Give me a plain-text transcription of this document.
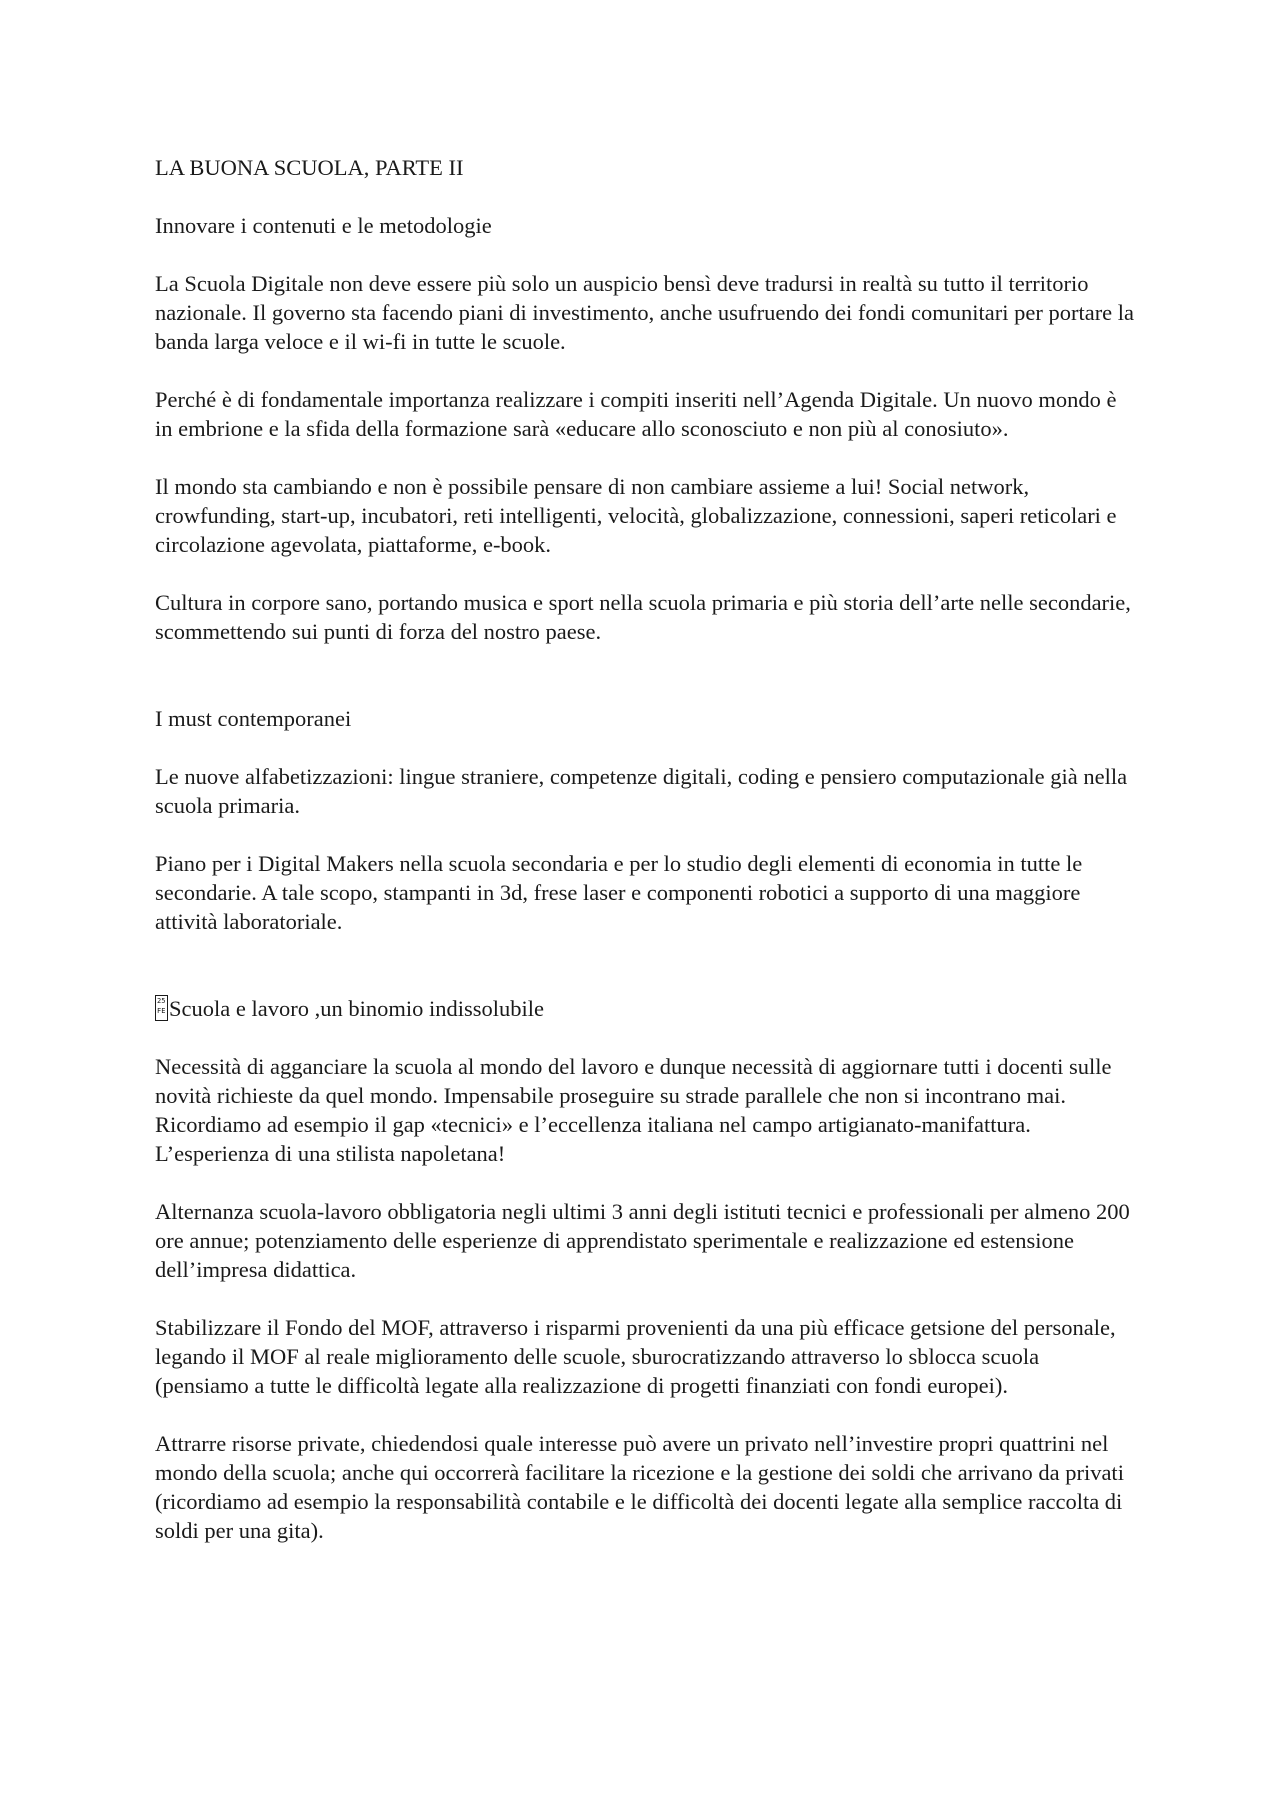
LA BUONA SCUOLA, PARTE II

Innovare i contenuti e le metodologie

La Scuola Digitale non deve essere più solo un auspicio bensì deve tradursi in realtà su tutto il territorio nazionale. Il governo sta facendo piani di investimento, anche usufruendo dei fondi comunitari per portare la banda larga veloce e il wi-fi in tutte le scuole.

Perché è di fondamentale importanza realizzare i compiti inseriti nell’Agenda Digitale. Un nuovo mondo è in embrione e la sfida della formazione sarà «educare allo sconosciuto e non più al conosiuto».

Il mondo sta cambiando e non è possibile pensare di non cambiare assieme a lui! Social network, crowfunding, start-up, incubatori, reti intelligenti, velocità, globalizzazione, connessioni, saperi reticolari e circolazione agevolata, piattaforme, e-book.

Cultura in corpore sano, portando musica e sport nella scuola primaria e più storia dell’arte nelle secondarie, scommettendo sui punti di forza del nostro paese.

I must contemporanei

Le nuove alfabetizzazioni: lingue straniere, competenze digitali, coding e pensiero computazionale già nella scuola primaria.

Piano per i Digital Makers nella scuola secondaria e per lo studio degli elementi di economia in tutte le secondarie. A tale scopo, stampanti in 3d, frese laser e componenti robotici a supporto di una maggiore attività laboratoriale.

25
FE Scuola e lavoro ,un binomio indissolubile

Necessità di agganciare la scuola al mondo del lavoro e dunque necessità di aggiornare tutti i docenti sulle novità richieste da quel mondo. Impensabile proseguire su strade parallele che non si incontrano mai. Ricordiamo ad esempio il gap «tecnici» e l’eccellenza italiana nel campo artigianato-manifattura. L’esperienza di una stilista napoletana!

Alternanza scuola-lavoro obbligatoria negli ultimi 3 anni degli istituti tecnici e professionali per almeno 200 ore annue; potenziamento delle esperienze di apprendistato sperimentale e realizzazione ed estensione dell’impresa didattica.

Stabilizzare il Fondo del MOF, attraverso i risparmi provenienti da una più efficace getsione del personale, legando il MOF al reale miglioramento delle scuole, sburocratizzando attraverso lo sblocca scuola (pensiamo a tutte le difficoltà legate alla realizzazione di progetti finanziati con fondi europei).

Attrarre risorse private, chiedendosi quale interesse può avere un privato nell’investire propri quattrini nel mondo della scuola; anche qui occorrerà facilitare la ricezione e la gestione dei soldi che arrivano da privati (ricordiamo ad esempio la responsabilità contabile e le difficoltà dei docenti legate alla semplice raccolta di soldi per una gita).
